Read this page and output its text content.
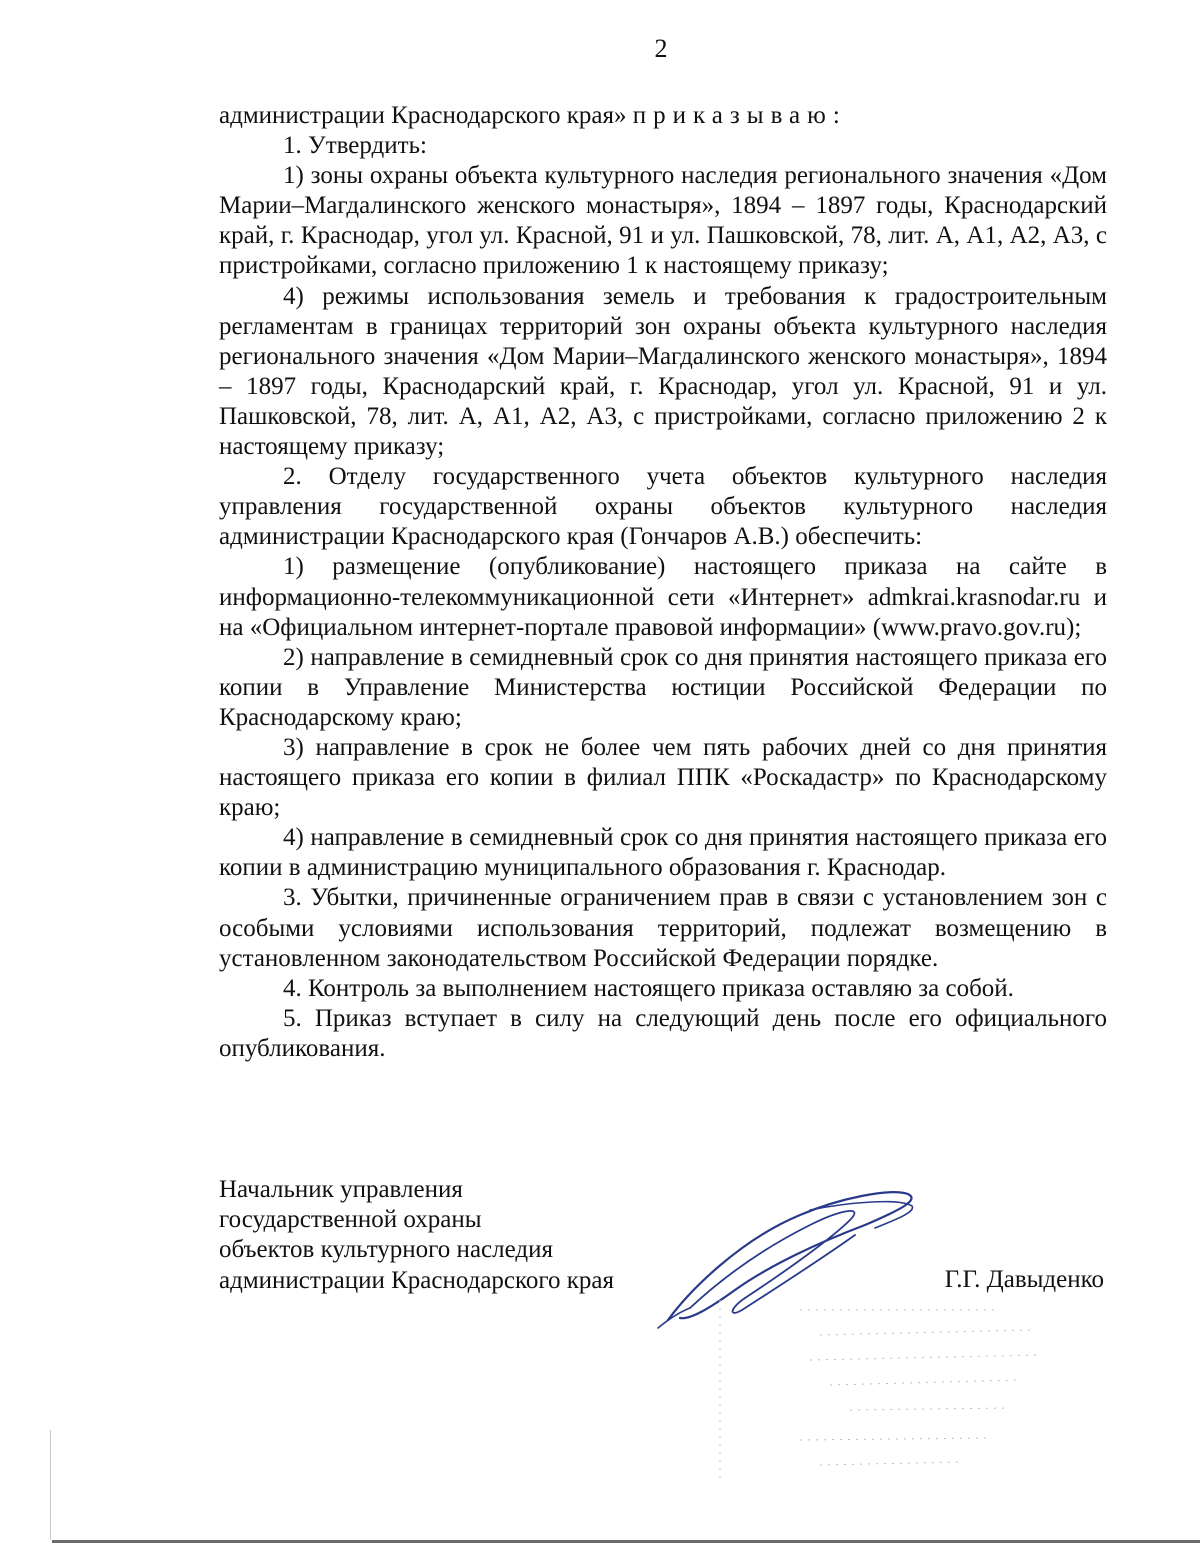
2

администрации Краснодарского края» приказываю:

1. Утвердить:

1) зоны охраны объекта культурного наследия регионального значения «Дом Марии–Магдалинского женского монастыря», 1894 – 1897 годы, Краснодарский край, г. Краснодар, угол ул. Красной, 91 и ул. Пашковской, 78, лит. А, А1, А2, А3, с пристройками, согласно приложению 1 к настоящему приказу;

4) режимы использования земель и требования к градостроительным регламентам в границах территорий зон охраны объекта культурного наследия регионального значения «Дом Марии–Магдалинского женского монастыря», 1894 – 1897 годы, Краснодарский край, г. Краснодар, угол ул. Красной, 91 и ул. Пашковской, 78, лит. А, А1, А2, А3, с пристройками, согласно приложению 2 к настоящему приказу;

2. Отделу государственного учета объектов культурного наследия управления государственной охраны объектов культурного наследия администрации Краснодарского края (Гончаров А.В.) обеспечить:

1) размещение (опубликование) настоящего приказа на сайте в информационно-телекоммуникационной сети «Интернет» admkrai.krasnodar.ru и на «Официальном интернет-портале правовой информации» (www.pravo.gov.ru);

2) направление в семидневный срок со дня принятия настоящего приказа его копии в Управление Министерства юстиции Российской Федерации по Краснодарскому краю;

3) направление в срок не более чем пять рабочих дней со дня принятия настоящего приказа его копии в филиал ППК «Роскадастр» по Краснодарскому краю;

4) направление в семидневный срок со дня принятия настоящего приказа его копии в администрацию муниципального образования г. Краснодар.

3. Убытки, причиненные ограничением прав в связи с установлением зон с особыми условиями использования территорий, подлежат возмещению в установленном законодательством Российской Федерации порядке.

4. Контроль за выполнением настоящего приказа оставляю за собой.

5. Приказ вступает в силу на следующий день после его официального опубликования.

Начальник управления
государственной охраны
объектов культурного наследия
администрации Краснодарского края	Г.Г. Давыденко
